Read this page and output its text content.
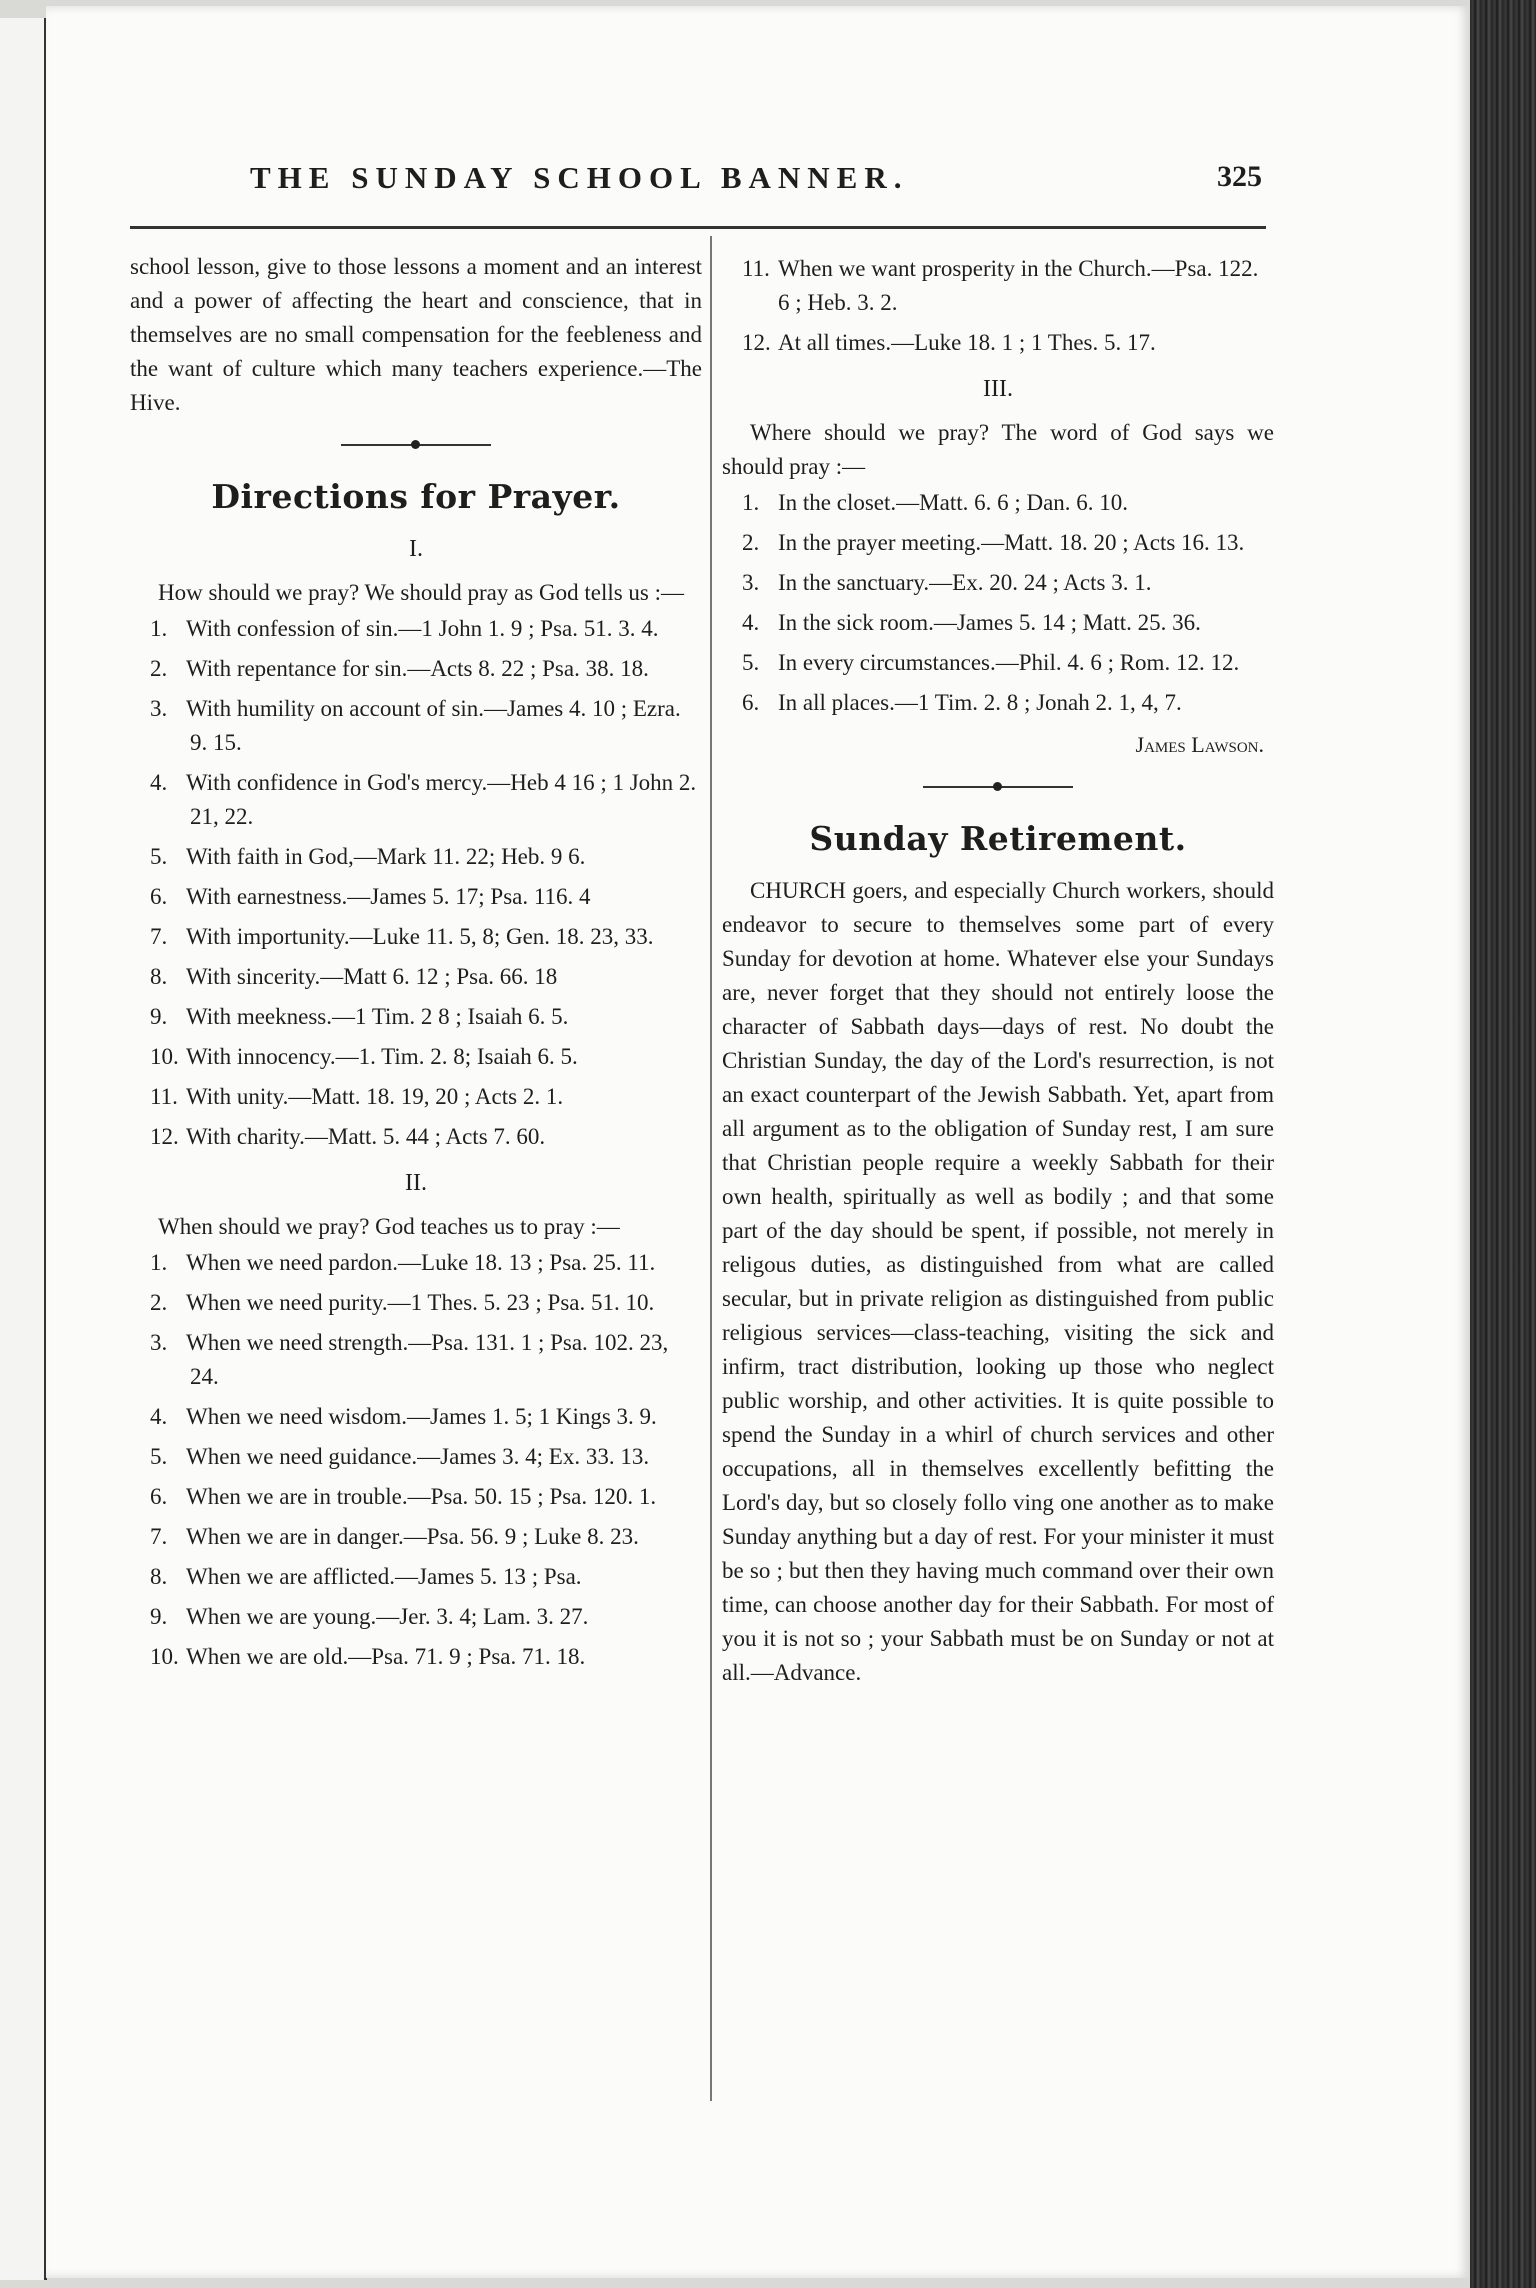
THE SUNDAY SCHOOL BANNER.	325

school lesson, give to those lessons a moment and an interest and a power of affecting the heart and conscience, that in themselves are no small compensation for the feebleness and the want of culture which many teachers experience.—The Hive.

Directions for Prayer.
I.

How should we pray? We should pray as God tells us :—

1. With confession of sin.—1 John 1. 9 ; Psa. 51. 3. 4.
2. With repentance for sin.—Acts 8. 22 ; Psa. 38. 18.
3. With humility on account of sin.—James 4. 10 ; Ezra. 9. 15.
4. With confidence in God's mercy.—Heb 4 16 ; 1 John 2. 21, 22.
5. With faith in God,—Mark 11. 22; Heb. 9 6.
6. With earnestness.—James 5. 17; Psa. 116. 4
7. With importunity.—Luke 11. 5, 8; Gen. 18. 23, 33.
8. With sincerity.—Matt 6. 12 ; Psa. 66. 18
9. With meekness.—1 Tim. 2 8 ; Isaiah 6. 5.
10. With innocency.—1. Tim. 2. 8; Isaiah 6. 5.
11. With unity.—Matt. 18. 19, 20 ; Acts 2. 1.
12. With charity.—Matt. 5. 44 ; Acts 7. 60.
II.

When should we pray? God teaches us to pray :—

1. When we need pardon.—Luke 18. 13 ; Psa. 25. 11.
2. When we need purity.—1 Thes. 5. 23 ; Psa. 51. 10.
3. When we need strength.—Psa. 131. 1 ; Psa. 102. 23, 24.
4. When we need wisdom.—James 1. 5; 1 Kings 3. 9.
5. When we need guidance.—James 3. 4; Ex. 33. 13.
6. When we are in trouble.—Psa. 50. 15 ; Psa. 120. 1.
7. When we are in danger.—Psa. 56. 9 ; Luke 8. 23.
8. When we are afflicted.—James 5. 13 ; Psa.
9. When we are young.—Jer. 3. 4; Lam. 3. 27.
10. When we are old.—Psa. 71. 9 ; Psa. 71. 18.
11. When we want prosperity in the Church.—Psa. 122. 6 ; Heb. 3. 2.
12. At all times.—Luke 18. 1 ; 1 Thes. 5. 17.
III.

Where should we pray? The word of God says we should pray :—

1. In the closet.—Matt. 6. 6 ; Dan. 6. 10.
2. In the prayer meeting.—Matt. 18. 20 ; Acts 16. 13.
3. In the sanctuary.—Ex. 20. 24 ; Acts 3. 1.
4. In the sick room.—James 5. 14 ; Matt. 25. 36.
5. In every circumstances.—Phil. 4. 6 ; Rom. 12. 12.
6. In all places.—1 Tim. 2. 8 ; Jonah 2. 1, 4, 7.
James Lawson.
Sunday Retirement.

CHURCH goers, and especially Church workers, should endeavor to secure to themselves some part of every Sunday for devotion at home. Whatever else your Sundays are, never forget that they should not entirely loose the character of Sabbath days—days of rest. No doubt the Christian Sunday, the day of the Lord's resurrection, is not an exact counterpart of the Jewish Sabbath. Yet, apart from all argument as to the obligation of Sunday rest, I am sure that Christian people require a weekly Sabbath for their own health, spiritually as well as bodily ; and that some part of the day should be spent, if possible, not merely in religous duties, as distinguished from what are called secular, but in private religion as distinguished from public religious services—class-teaching, visiting the sick and infirm, tract distribution, looking up those who neglect public worship, and other activities. It is quite possible to spend the Sunday in a whirl of church services and other occupations, all in themselves excellently befitting the Lord's day, but so closely follo ving one another as to make Sunday anything but a day of rest. For your minister it must be so ; but then they having much command over their own time, can choose another day for their Sabbath. For most of you it is not so ; your Sabbath must be on Sunday or not at all.—Advance.
